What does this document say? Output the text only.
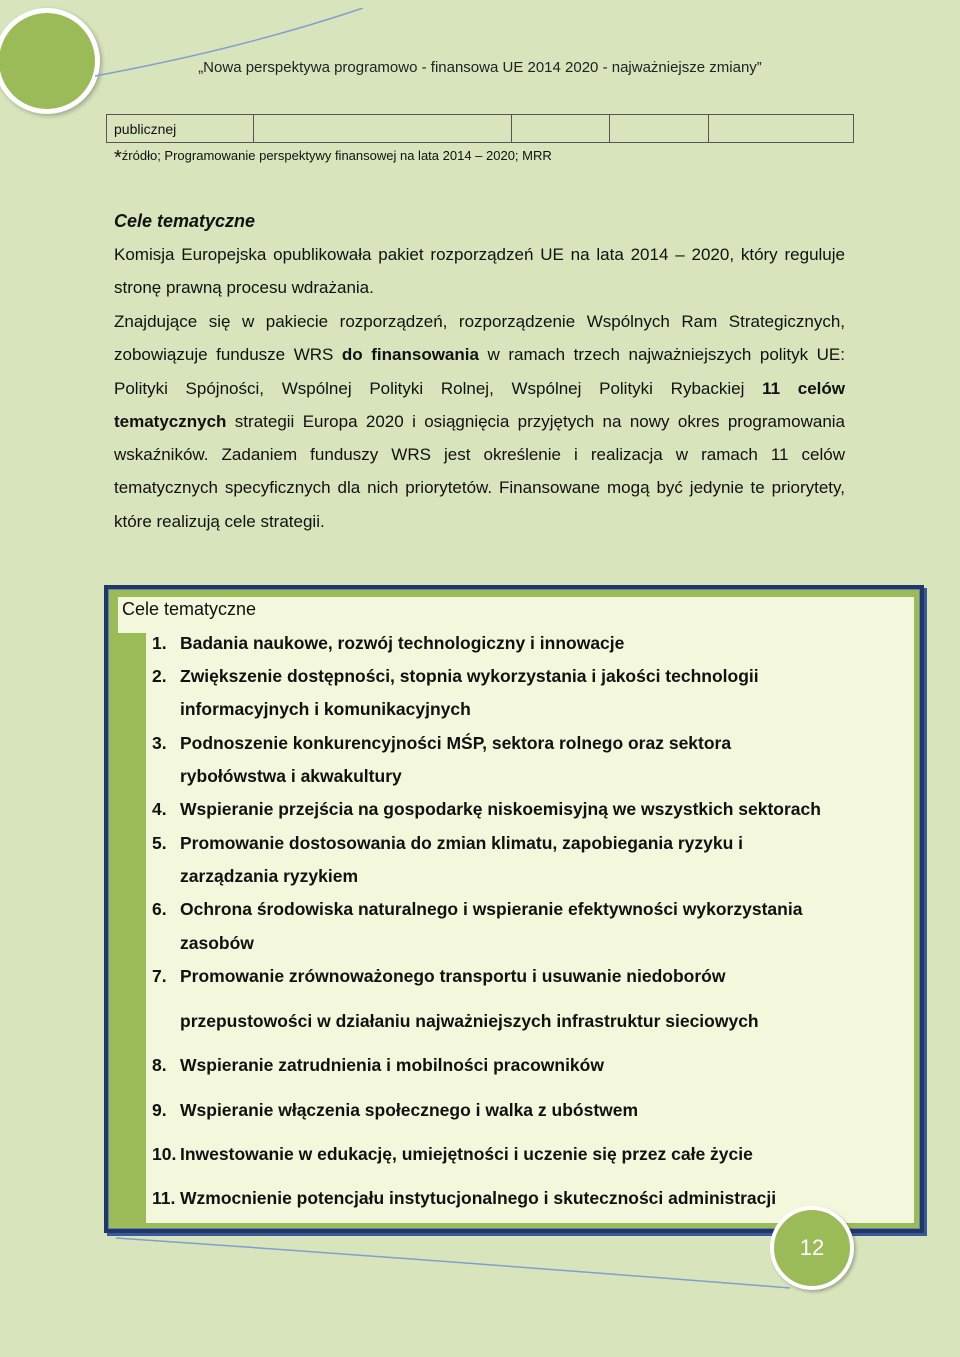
„Nowa perspektywa programowo - finansowa UE 2014 2020 - najważniejsze zmiany”
publicznej				
*źródło; Programowanie perspektywy finansowej na lata 2014 – 2020; MRR
Cele tematyczne
Komisja Europejska opublikowała pakiet rozporządzeń UE na lata 2014 – 2020, który reguluje stronę prawną procesu wdrażania.
Znajdujące się w pakiecie rozporządzeń, rozporządzenie Wspólnych Ram Strategicznych, zobowiązuje fundusze WRS do finansowania w ramach trzech najważniejszych polityk UE: Polityki Spójności, Wspólnej Polityki Rolnej, Wspólnej Polityki Rybackiej 11 celów tematycznych strategii Europa 2020 i osiągnięcia przyjętych na nowy okres programowania wskaźników. Zadaniem funduszy WRS jest określenie i realizacja w ramach 11 celów tematycznych specyficznych dla nich priorytetów. Finansowane mogą być jedynie te priorytety, które realizują cele strategii.
Cele tematyczne
1. Badania naukowe, rozwój technologiczny i innowacje
2. Zwiększenie dostępności, stopnia wykorzystania i jakości technologii
informacyjnych i komunikacyjnych
3. Podnoszenie konkurencyjności MŚP, sektora rolnego oraz sektora
rybołówstwa i akwakultury
4. Wspieranie przejścia na gospodarkę niskoemisyjną we wszystkich sektorach
5. Promowanie dostosowania do zmian klimatu, zapobiegania ryzyku i
zarządzania ryzykiem
6. Ochrona środowiska naturalnego i wspieranie efektywności wykorzystania
zasobów
7. Promowanie zrównoważonego transportu i usuwanie niedoborów
przepustowości w działaniu najważniejszych infrastruktur sieciowych
8. Wspieranie zatrudnienia i mobilności pracowników
9. Wspieranie włączenia społecznego i walka z ubóstwem
10. Inwestowanie w edukację, umiejętności i uczenie się przez całe życie
11. Wzmocnienie potencjału instytucjonalnego i skuteczności administracji
12
